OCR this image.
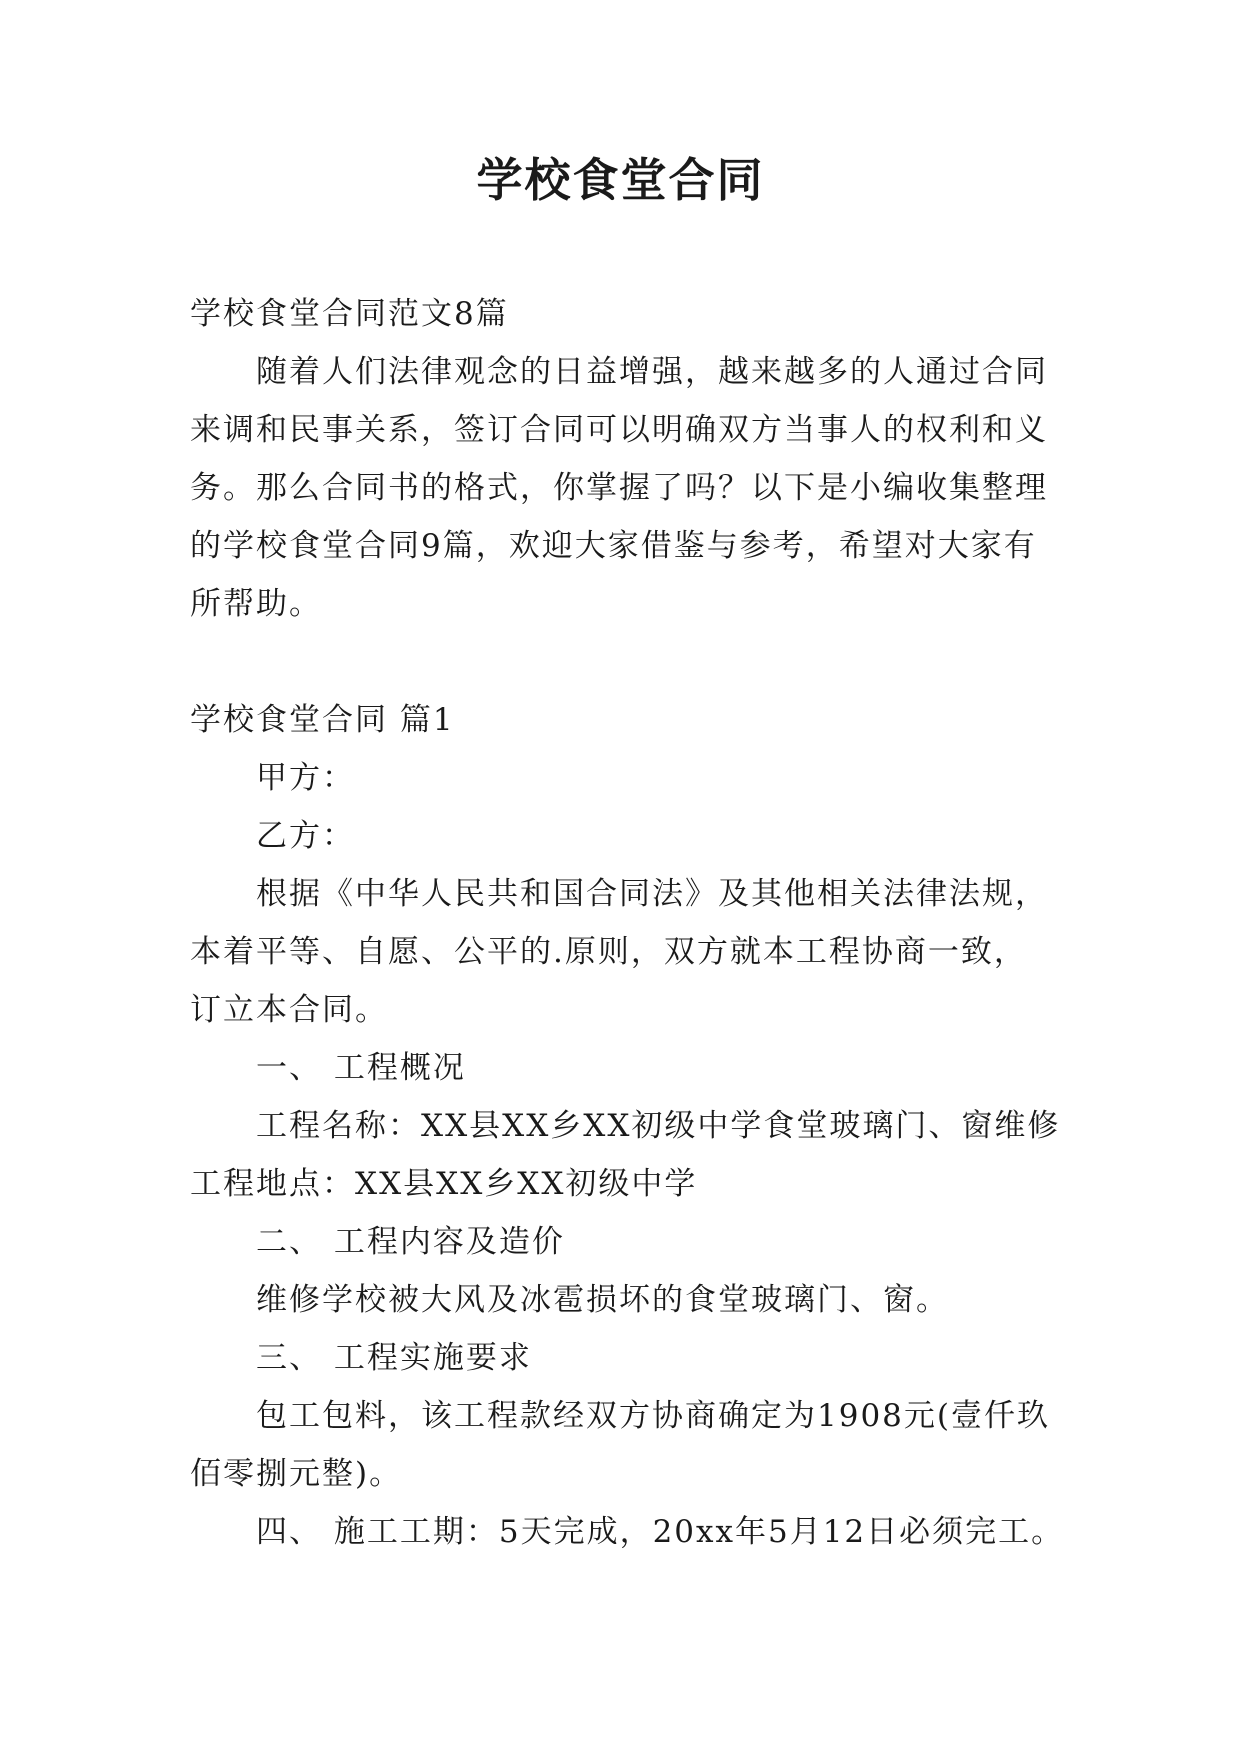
学校食堂合同
学校食堂合同范文8篇
随着人们法律观念的日益增强，越来越多的人通过合同
来调和民事关系，签订合同可以明确双方当事人的权利和义
务。那么合同书的格式，你掌握了吗？以下是小编收集整理
的学校食堂合同9篇，欢迎大家借鉴与参考，希望对大家有
所帮助。
学校食堂合同 篇1
甲方：
乙方：
根据《中华人民共和国合同法》及其他相关法律法规，
本着平等、自愿、公平的.原则，双方就本工程协商一致，
订立本合同。
一、 工程概况
工程名称：XX县XX乡XX初级中学食堂玻璃门、窗维修
工程地点：XX县XX乡XX初级中学
二、 工程内容及造价
维修学校被大风及冰雹损坏的食堂玻璃门、窗。
三、 工程实施要求
包工包料，该工程款经双方协商确定为1908元(壹仟玖
佰零捌元整)。
四、 施工工期：5天完成，20xx年5月12日必须完工。
